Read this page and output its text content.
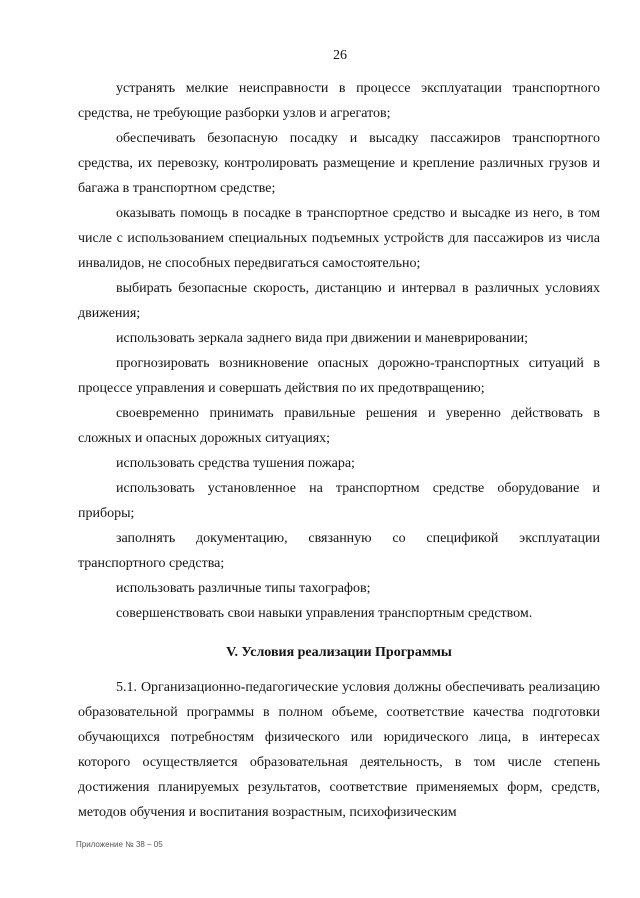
26

устранять мелкие неисправности в процессе эксплуатации транспортного средства, не требующие разборки узлов и агрегатов;

обеспечивать безопасную посадку и высадку пассажиров транспортного средства, их перевозку, контролировать размещение и крепление различных грузов и багажа в транспортном средстве;

оказывать помощь в посадке в транспортное средство и высадке из него, в том числе с использованием специальных подъемных устройств для пассажиров из числа инвалидов, не способных передвигаться самостоятельно;

выбирать безопасные скорость, дистанцию и интервал в различных условиях движения;

использовать зеркала заднего вида при движении и маневрировании;

прогнозировать возникновение опасных дорожно-транспортных ситуаций в процессе управления и совершать действия по их предотвращению;

своевременно принимать правильные решения и уверенно действовать в сложных и опасных дорожных ситуациях;

использовать средства тушения пожара;

использовать установленное на транспортном средстве оборудование и приборы;

заполнять документацию, связанную со спецификой эксплуатации транспортного средства;

использовать различные типы тахографов;

совершенствовать свои навыки управления транспортным средством.

V. Условия реализации Программы

5.1. Организационно-педагогические условия должны обеспечивать реализацию образовательной программы в полном объеме, соответствие качества подготовки обучающихся потребностям физического или юридического лица, в интересах которого осуществляется образовательная деятельность, в том числе степень достижения планируемых результатов, соответствие применяемых форм, средств, методов обучения и воспитания возрастным, психофизическим

Приложение № 38 – 05
